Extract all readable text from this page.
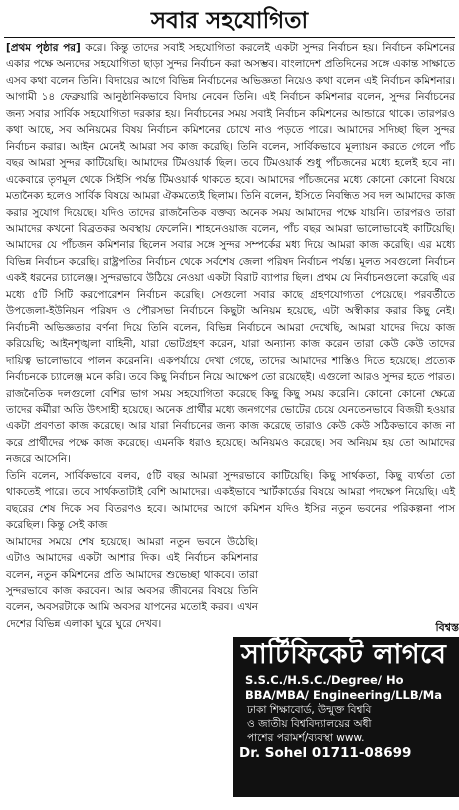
সবার সহযোগিতা

[প্রথম পৃষ্ঠার পর] করে। কিন্তু তাদের সবাই সহযোগিতা করলেই একটা সুন্দর নির্বাচন হয়। নির্বাচন কমিশনের একার পক্ষে অন্যদের সহযোগিতা ছাড়া সুন্দর নির্বাচন করা অসম্ভব। বাংলাদেশ প্রতিদিনের সঙ্গে একান্ত সাক্ষাতে এসব কথা বলেন তিনি। বিদায়ের আগে বিভিন্ন নির্বাচনের অভিজ্ঞতা নিয়েও কথা বলেন এই নির্বাচন কমিশনার। আগামী ১৪ ফেব্রুয়ারি আনুষ্ঠানিকভাবে বিদায় নেবেন তিনি। এই নির্বাচন কমিশনার বলেন, সুন্দর নির্বাচনের জন্য সবার সার্বিক সহযোগিতা দরকার হয়। নির্বাচনের সময় সবাই নির্বাচন কমিশনের আন্ডারে থাকে। তারপরও কথা আছে, সব অনিয়মের বিষয় নির্বাচন কমিশনের চোখে নাও পড়তে পারে। আমাদের সদিচ্ছা ছিল সুন্দর নির্বাচন করার। আইন মেনেই আমরা সব কাজ করেছি। তিনি বলেন, সার্বিকভাবে মূল্যায়ন করতে গেলে পাঁচ বছর আমরা সুন্দর কাটিয়েছি। আমাদের টিমওয়ার্ক ছিল। তবে টিমওয়ার্ক শুধু পাঁচজনের মধ্যে হলেই হবে না। একেবারে তৃণমূল থেকে সিইসি পর্যন্ত টিমওয়ার্ক থাকতে হবে। আমাদের পাঁচজনের মধ্যে কোনো কোনো বিষয়ে মতানৈক্য হলেও সার্বিক বিষয়ে আমরা ঐকমত্যেই ছিলাম। তিনি বলেন, ইসিতে নিবন্ধিত সব দল আমাদের কাজ করার সুযোগ দিয়েছে। যদিও তাদের রাজনৈতিক বক্তব্য অনেক সময় আমাদের পক্ষে যায়নি। তারপরও তারা আমাদের কখনো বিব্রতকর অবস্থায় ফেলেনি। শাহনেওয়াজ বলেন, পাঁচ বছর আমরা ভালোভাবেই কাটিয়েছি। আমাদের যে পাঁচজন কমিশনার ছিলেন সবার সঙ্গে সুন্দর সম্পর্কের মধ্য দিয়ে আমরা কাজ করেছি। এর মধ্যে বিভিন্ন নির্বাচন করেছি। রাষ্ট্রপতির নির্বাচন থেকে সর্বশেষ জেলা পরিষদ নির্বাচন পর্যন্ত। মূলত সবগুলো নির্বাচন একই ধরনের চ্যালেঞ্জ। সুন্দরভাবে উঠিয়ে নেওয়া একটা বিরাট ব্যাপার ছিল। প্রথম যে নির্বাচনগুলো করেছি এর মধ্যে ৫টি সিটি করপোরেশন নির্বাচন করেছি। সেগুলো সবার কাছে গ্রহণযোগ্যতা পেয়েছে। পরবর্তীতে উপজেলা-ইউনিয়ন পরিষদ ও পৌরসভা নির্বাচনে কিছুটা অনিয়ম হয়েছে, এটা অস্বীকার করার কিছু নেই। নির্বাচনী অভিজ্ঞতার বর্ণনা দিয়ে তিনি বলেন, বিভিন্ন নির্বাচনে আমরা দেখেছি, আমরা যাদের দিয়ে কাজ করিয়েছি; আইনশৃঙ্খলা বাহিনী, যারা ভোটগ্রহণ করেন, যারা অন্যান্য কাজ করেন তারা কেউ কেউ তাদের দায়িত্ব ভালোভাবে পালন করেননি। একপর্যায়ে দেখা গেছে, তাদের আমাদের শাস্তিও দিতে হয়েছে। প্রত্যেক নির্বাচনকে চ্যালেঞ্জ মনে করি। তবে কিছু নির্বাচন নিয়ে আক্ষেপ তো রয়েছেই। এগুলো আরও সুন্দর হতে পারত। রাজনৈতিক দলগুলো বেশির ভাগ সময় সহযোগিতা করেছে কিছু কিছু সময় করেনি। কোনো কোনো ক্ষেত্রে তাদের কর্মীরা অতি উৎসাহী হয়েছে। অনেক প্রার্থীর মধ্যে জনগণের ভোটের চেয়ে যেনতেনভাবে বিজয়ী হওয়ার একটা প্রবণতা কাজ করেছে। আর যারা নির্বাচনের জন্য কাজ করেছে তারাও কেউ কেউ সঠিকভাবে কাজ না করে প্রার্থীদের পক্ষে কাজ করেছে। এমনকি ধরাও হয়েছে। অনিয়মও করেছে। সব অনিয়ম হয় তো আমাদের নজরে আসেনি।

তিনি বলেন, সার্বিকভাবে বলব, ৫টি বছর আমরা সুন্দরভাবে কাটিয়েছি। কিছু সার্থকতা, কিছু ব্যর্থতা তো থাকতেই পারে। তবে সার্থকতাটাই বেশি আমাদের। একইভাবে স্মার্টকার্ডের বিষয়ে আমরা পদক্ষেপ নিয়েছি। এই বছরের শেষ দিকে সব বিতরণও হবে। আমাদের আগে কমিশন যদিও ইসির নতুন ভবনের পরিকল্পনা পাস করেছিল। কিন্তু সেই কাজ

আমাদের সময়ে শেষ হয়েছে। আমরা নতুন ভবনে উঠেছি। এটাও আমাদের একটা আশার দিক। এই নির্বাচন কমিশনার বলেন, নতুন কমিশনের প্রতি আমাদের শুভেচ্ছা থাকবে। তারা সুন্দরভাবে কাজ করবেন। আর অবসর জীবনের বিষয়ে তিনি বলেন, অবসরটাকে আমি অবসর যাপনের মতোই করব। এখন দেশের বিভিন্ন এলাকা ঘুরে ঘুরে দেখব।	বিশ্বস্ত
সার্টিফিকেট লাগবে
S.S.C./H.S.C./Degree/ Ho
BBA/MBA/ Engineering/LLB/Ma
ঢাকা শিক্ষাবোর্ড, উন্মুক্ত বিশ্ববি
ও জাতীয় বিশ্ববিদ্যালয়ের অধী
পাশের পরামর্শ/ব্যবস্থা www.
Dr. Sohel 01711-08699
